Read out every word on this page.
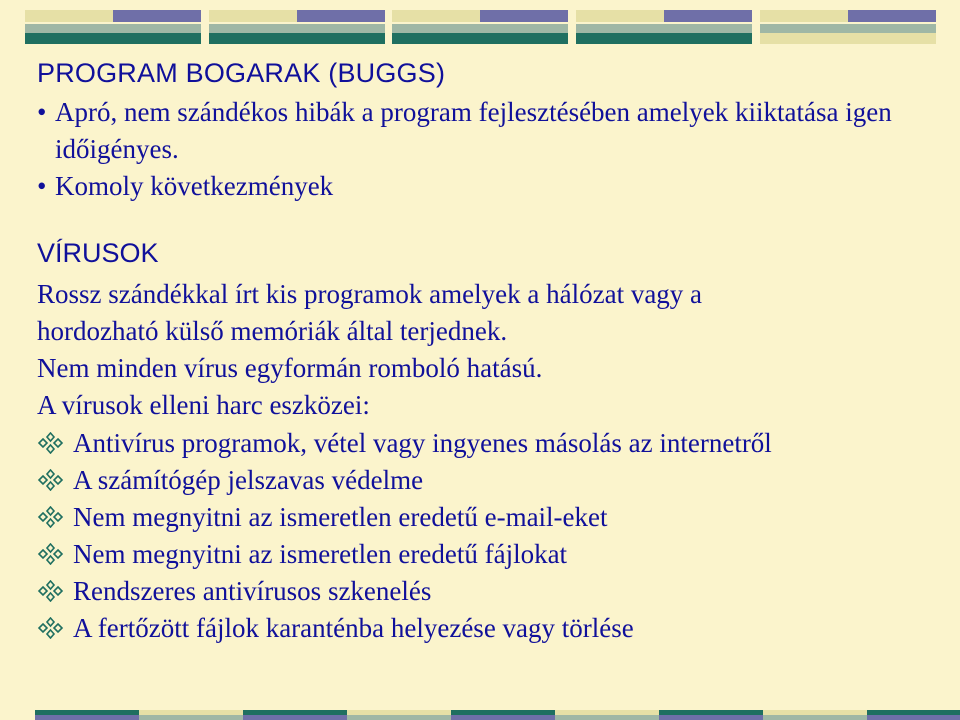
PROGRAM BOGARAK (BUGGS)
• Apró, nem szándékos hibák a program fejlesztésében amelyek kiiktatása igen időigényes.
• Komoly következmények
VÍRUSOK

Rossz szándékkal írt kis programok amelyek a hálózat vagy a

hordozható külső memóriák által terjednek.

Nem minden vírus egyformán romboló hatású.

A vírusok elleni harc eszközei:

Antivírus programok, vétel vagy ingyenes másolás az internetről
A számítógép jelszavas védelme
Nem megnyitni az ismeretlen eredetű e-mail-eket
Nem megnyitni az ismeretlen eredetű fájlokat
Rendszeres antivírusos szkenelés
A fertőzött fájlok karanténba helyezése vagy törlése
